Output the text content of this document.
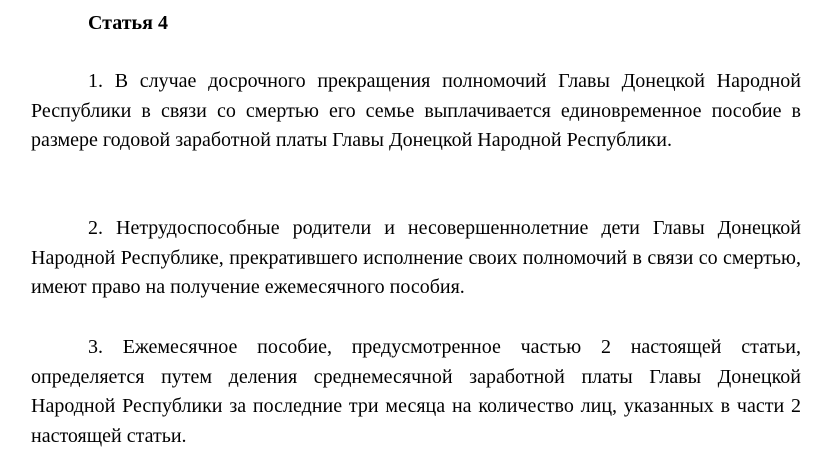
Статья 4

1. В случае досрочного прекращения полномочий Главы Донецкой Народной Республики в связи со смертью его семье выплачивается единовременное пособие в размере годовой заработной платы Главы Донецкой Народной Республики.

2. Нетрудоспособные родители и несовершеннолетние дети Главы Донецкой Народной Республике, прекратившего исполнение своих полномочий в связи со смертью, имеют право на получение ежемесячного пособия.

3. Ежемесячное пособие, предусмотренное частью 2 настоящей статьи, определяется путем деления среднемесячной заработной платы Главы Донецкой Народной Республики за последние три месяца на количество лиц, указанных в части 2 настоящей статьи.
